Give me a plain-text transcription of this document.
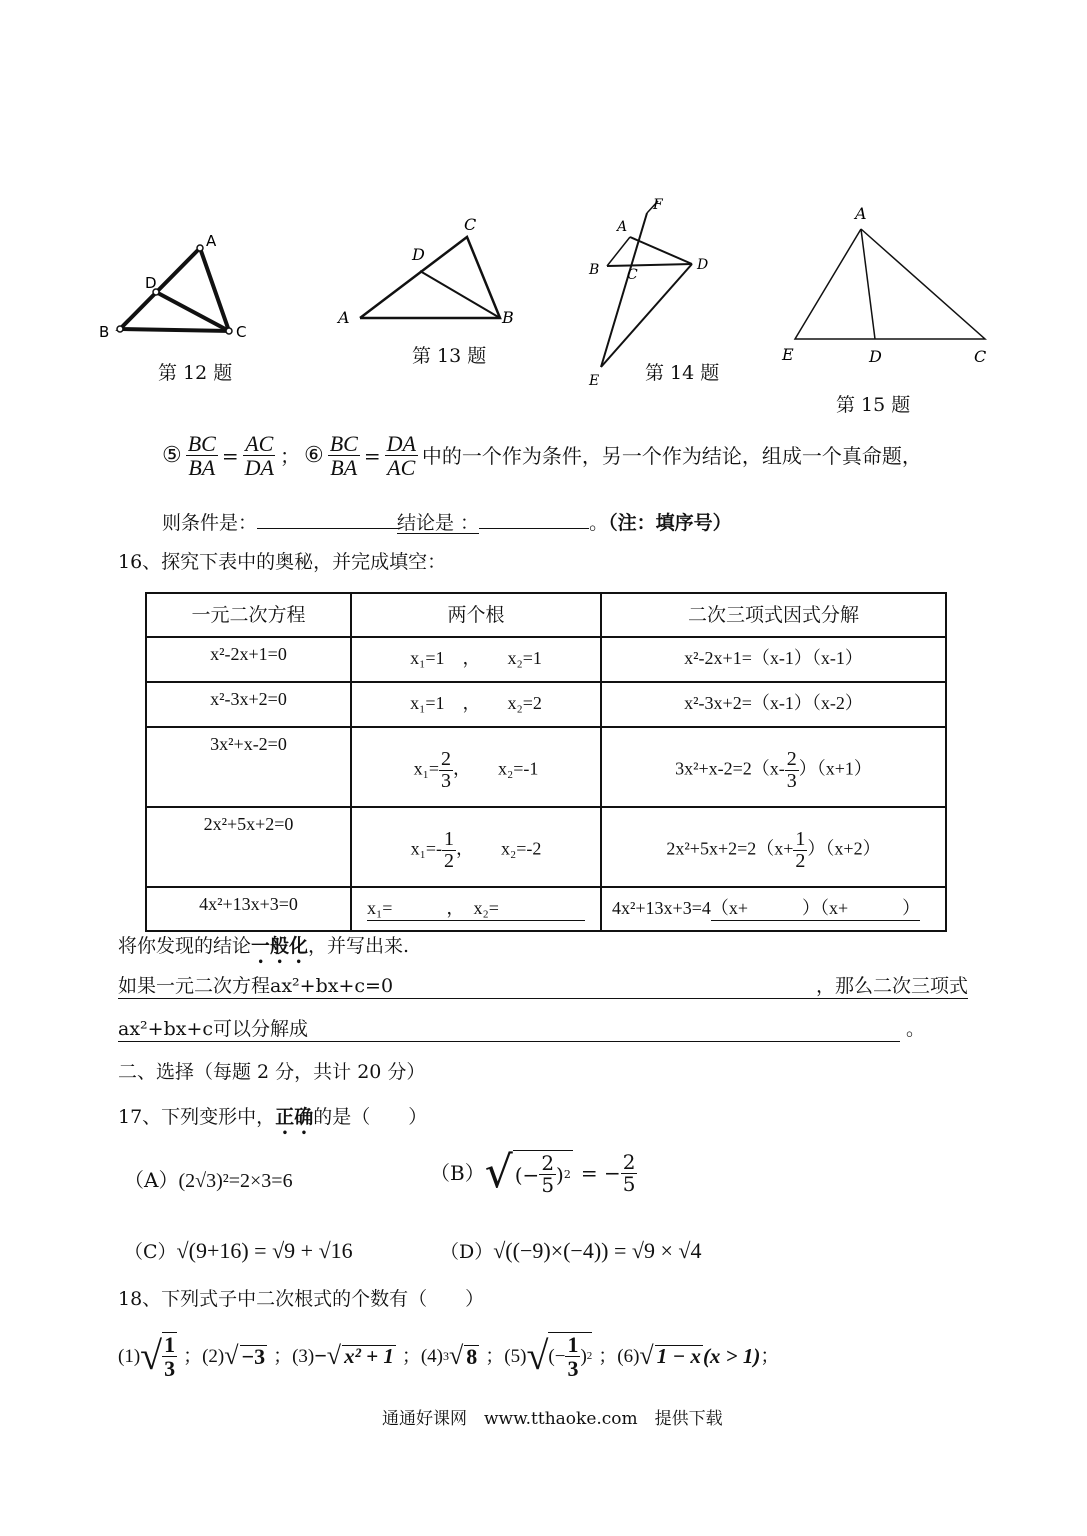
A
D
B	C
第 12 题
C
D
A	B
第 13 题
F
A
B C
D
E 第 14 题
A
E	D	C
第 15 题
⑤ $\frac{BC}{BA} = \frac{AC}{DA}$ ； ⑥ $\frac{BC}{BA} = \frac{DA}{AC}$ 中的一个作为条件，另一个作为结论，组成一个真命题，
则条件是：	结论是 ：	。（注：填序号）
16、探究下表中的奥秘，并完成填空：
一元二次方程	两个根	二次三项式因式分解
x²-2x+1=0	x₁=1　，　　x₂=1	x²-2x+1=（x-1）（x-1）
x²-3x+2=0	x₁=1　，　　x₂=2	x²-3x+2=（x-1）（x-2）
3x²+x-2=0	$x_1= \frac{2}{3}$ ，　　x₂=-1	$3x^2+x-2=2(x- \frac{2}{3} )(x+1)$
2x²+5x+2=0	$x_1=- \frac{1}{2}$ ，　　x₂=-2	$2x^2+5x+2=2(x+ \frac{1}{2} )(x+2)$
4x²+13x+3=0	x₁=　　　，　x₂=	4x²+13x+3=4（x+　　　）（x+　　　）
将你发现的结论一般化，并写出来.
如果一元二次方程ax²+bx+c=0	，那么二次三项式
ax²+bx+c可以分解成	。
二、选择（每题 2 分，共计 20 分）
17、下列变形中，正确的是（　　）
（A）(2√3)²=2×3=6	（B） √ (− $\frac{2}{5}$ ) 2 = − $\frac{2}{5}$
（C）√(9+16) = √9 + √16	（D）√((−9)×(−4)) = √9 × √4
18、下列式子中二次根式的个数有（　　）
(1) √ $\frac{1}{3}$ ；(2) √ −3 ；(3) − √ x² + 1 ；(4) 3 √ 8 ；(5) √ (− $\frac{1}{3}$ ) 2 ；(6) √ 1 − x (x > 1) ；
通通好课网　www.tthaoke.com　提供下载
